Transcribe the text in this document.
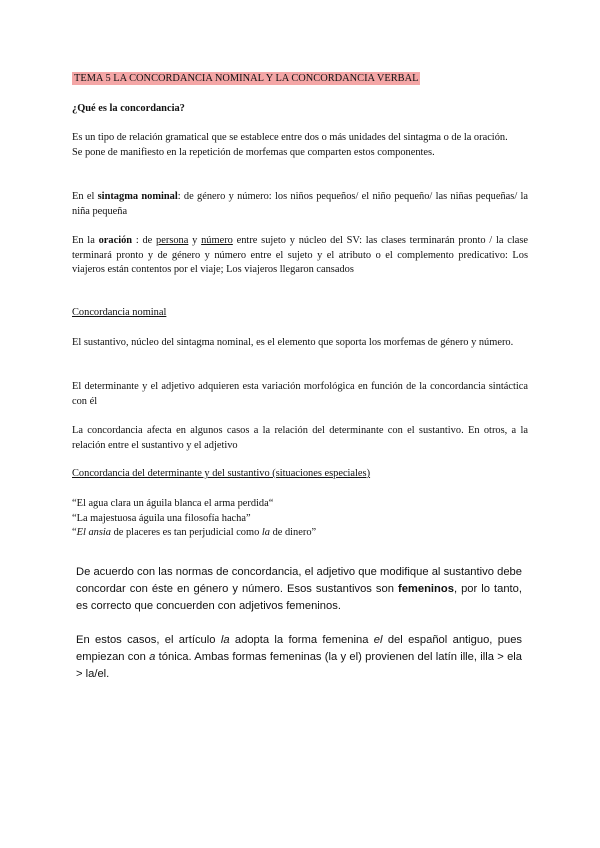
TEMA 5 LA CONCORDANCIA NOMINAL Y LA CONCORDANCIA VERBAL
¿Qué es la concordancia?

Es un tipo de relación gramatical que se establece entre dos o más unidades del sintagma o de la oración.

Se pone de manifiesto en la repetición de morfemas que comparten estos componentes.

En el sintagma nominal: de género y número: los niños pequeños/ el niño pequeño/ las niñas pequeñas/ la niña pequeña
En la oración : de persona y número entre sujeto y núcleo del SV: las clases terminarán pronto / la clase terminará pronto y de género y número entre el sujeto y el atributo o el complemento predicativo: Los viajeros están contentos por el viaje; Los viajeros llegaron cansados
Concordancia nominal
El sustantivo, núcleo del sintagma nominal, es el elemento que soporta los morfemas de género y número.
El determinante y el adjetivo adquieren esta variación morfológica en función de la concordancia sintáctica con él
La concordancia afecta en algunos casos a la relación del determinante con el sustantivo. En otros, a la relación entre el sustantivo y el adjetivo
Concordancia del determinante y del sustantivo (situaciones especiales)

“El agua clara un águila blanca el arma perdida“

“La majestuosa águila una filosofía hacha”

“El ansia de placeres es tan perjudicial como la de dinero”

De acuerdo con las normas de concordancia, el adjetivo que modifique al sustantivo debe concordar con éste en género y número. Esos sustantivos son femeninos, por lo tanto, es correcto que concuerden con adjetivos femeninos.
En estos casos, el artículo la adopta la forma femenina el del español antiguo, pues empiezan con a tónica. Ambas formas femeninas (la y el) provienen del latín ille, illa > ela > la/el.
